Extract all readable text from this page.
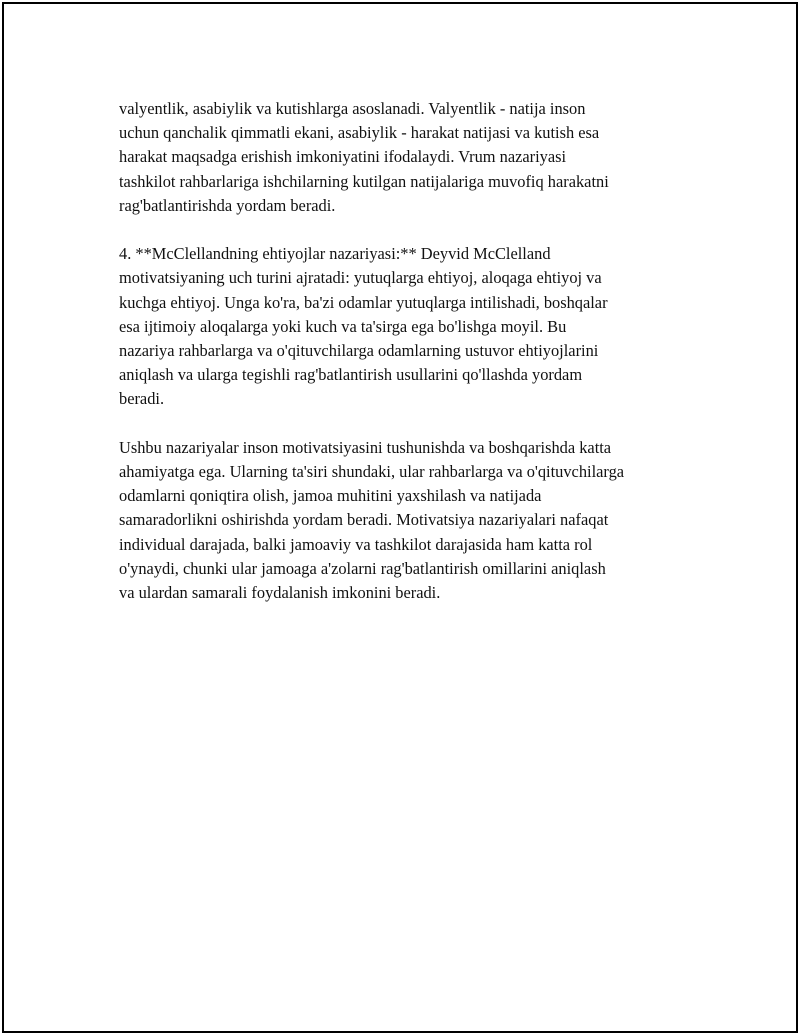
valyentlik, asabiylik va kutishlarga asoslanadi. Valyentlik - natija inson
uchun qanchalik qimmatli ekani, asabiylik - harakat natijasi va kutish esa
harakat maqsadga erishish imkoniyatini ifodalaydi. Vrum nazariyasi
tashkilot rahbarlariga ishchilarning kutilgan natijalariga muvofiq harakatni
rag'batlantirishda yordam beradi.

4. **McClellandning ehtiyojlar nazariyasi:** Deyvid McClelland
motivatsiyaning uch turini ajratadi: yutuqlarga ehtiyoj, aloqaga ehtiyoj va
kuchga ehtiyoj. Unga ko'ra, ba'zi odamlar yutuqlarga intilishadi, boshqalar
esa ijtimoiy aloqalarga yoki kuch va ta'sirga ega bo'lishga moyil. Bu
nazariya rahbarlarga va o'qituvchilarga odamlarning ustuvor ehtiyojlarini
aniqlash va ularga tegishli rag'batlantirish usullarini qo'llashda yordam
beradi.

Ushbu nazariyalar inson motivatsiyasini tushunishda va boshqarishda katta
ahamiyatga ega. Ularning ta'siri shundaki, ular rahbarlarga va o'qituvchilarga
odamlarni qoniqtira olish, jamoa muhitini yaxshilash va natijada
samaradorlikni oshirishda yordam beradi. Motivatsiya nazariyalari nafaqat
individual darajada, balki jamoaviy va tashkilot darajasida ham katta rol
o'ynaydi, chunki ular jamoaga a'zolarni rag'batlantirish omillarini aniqlash
va ulardan samarali foydalanish imkonini beradi.
